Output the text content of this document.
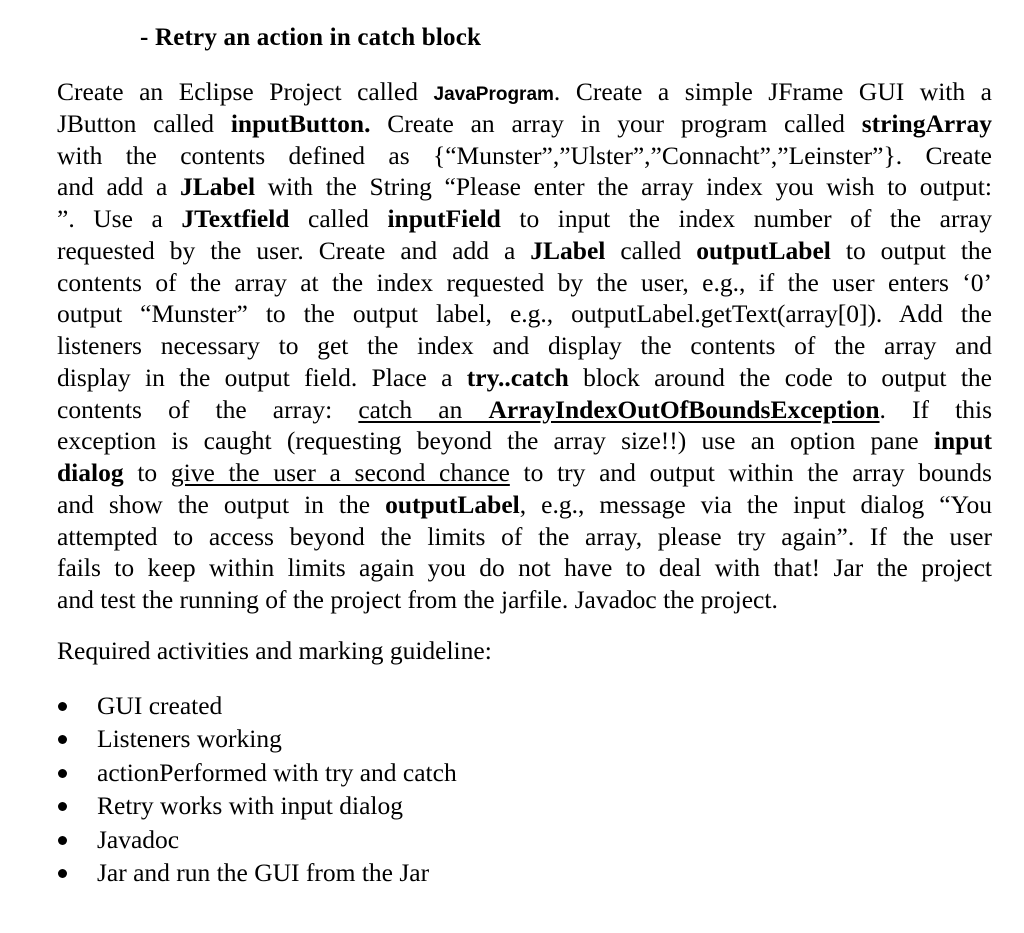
- Retry an action in catch block
Create an Eclipse Project called JavaProgram. Create a simple JFrame GUI with a
JButton called inputButton. Create an array in your program called stringArray
with the contents defined as {“Munster”,”Ulster”,”Connacht”,”Leinster”}. Create
and add a JLabel with the String “Please enter the array index you wish to output:
”. Use a JTextfield called inputField to input the index number of the array
requested by the user. Create and add a JLabel called outputLabel to output the
contents of the array at the index requested by the user, e.g., if the user enters ‘0’
output “Munster” to the output label, e.g., outputLabel.getText(array[0]). Add the
listeners necessary to get the index and display the contents of the array and
display in the output field. Place a try..catch block around the code to output the
contents of the array: catch an ArrayIndexOutOfBoundsException. If this
exception is caught (requesting beyond the array size!!) use an option pane input
dialog to give the user a second chance to try and output within the array bounds
and show the output in the outputLabel, e.g., message via the input dialog “You
attempted to access beyond the limits of the array, please try again”. If the user
fails to keep within limits again you do not have to deal with that! Jar the project
and test the running of the project from the jarfile. Javadoc the project.
Required activities and marking guideline:
GUI created
Listeners working
actionPerformed with try and catch
Retry works with input dialog
Javadoc
Jar and run the GUI from the Jar
